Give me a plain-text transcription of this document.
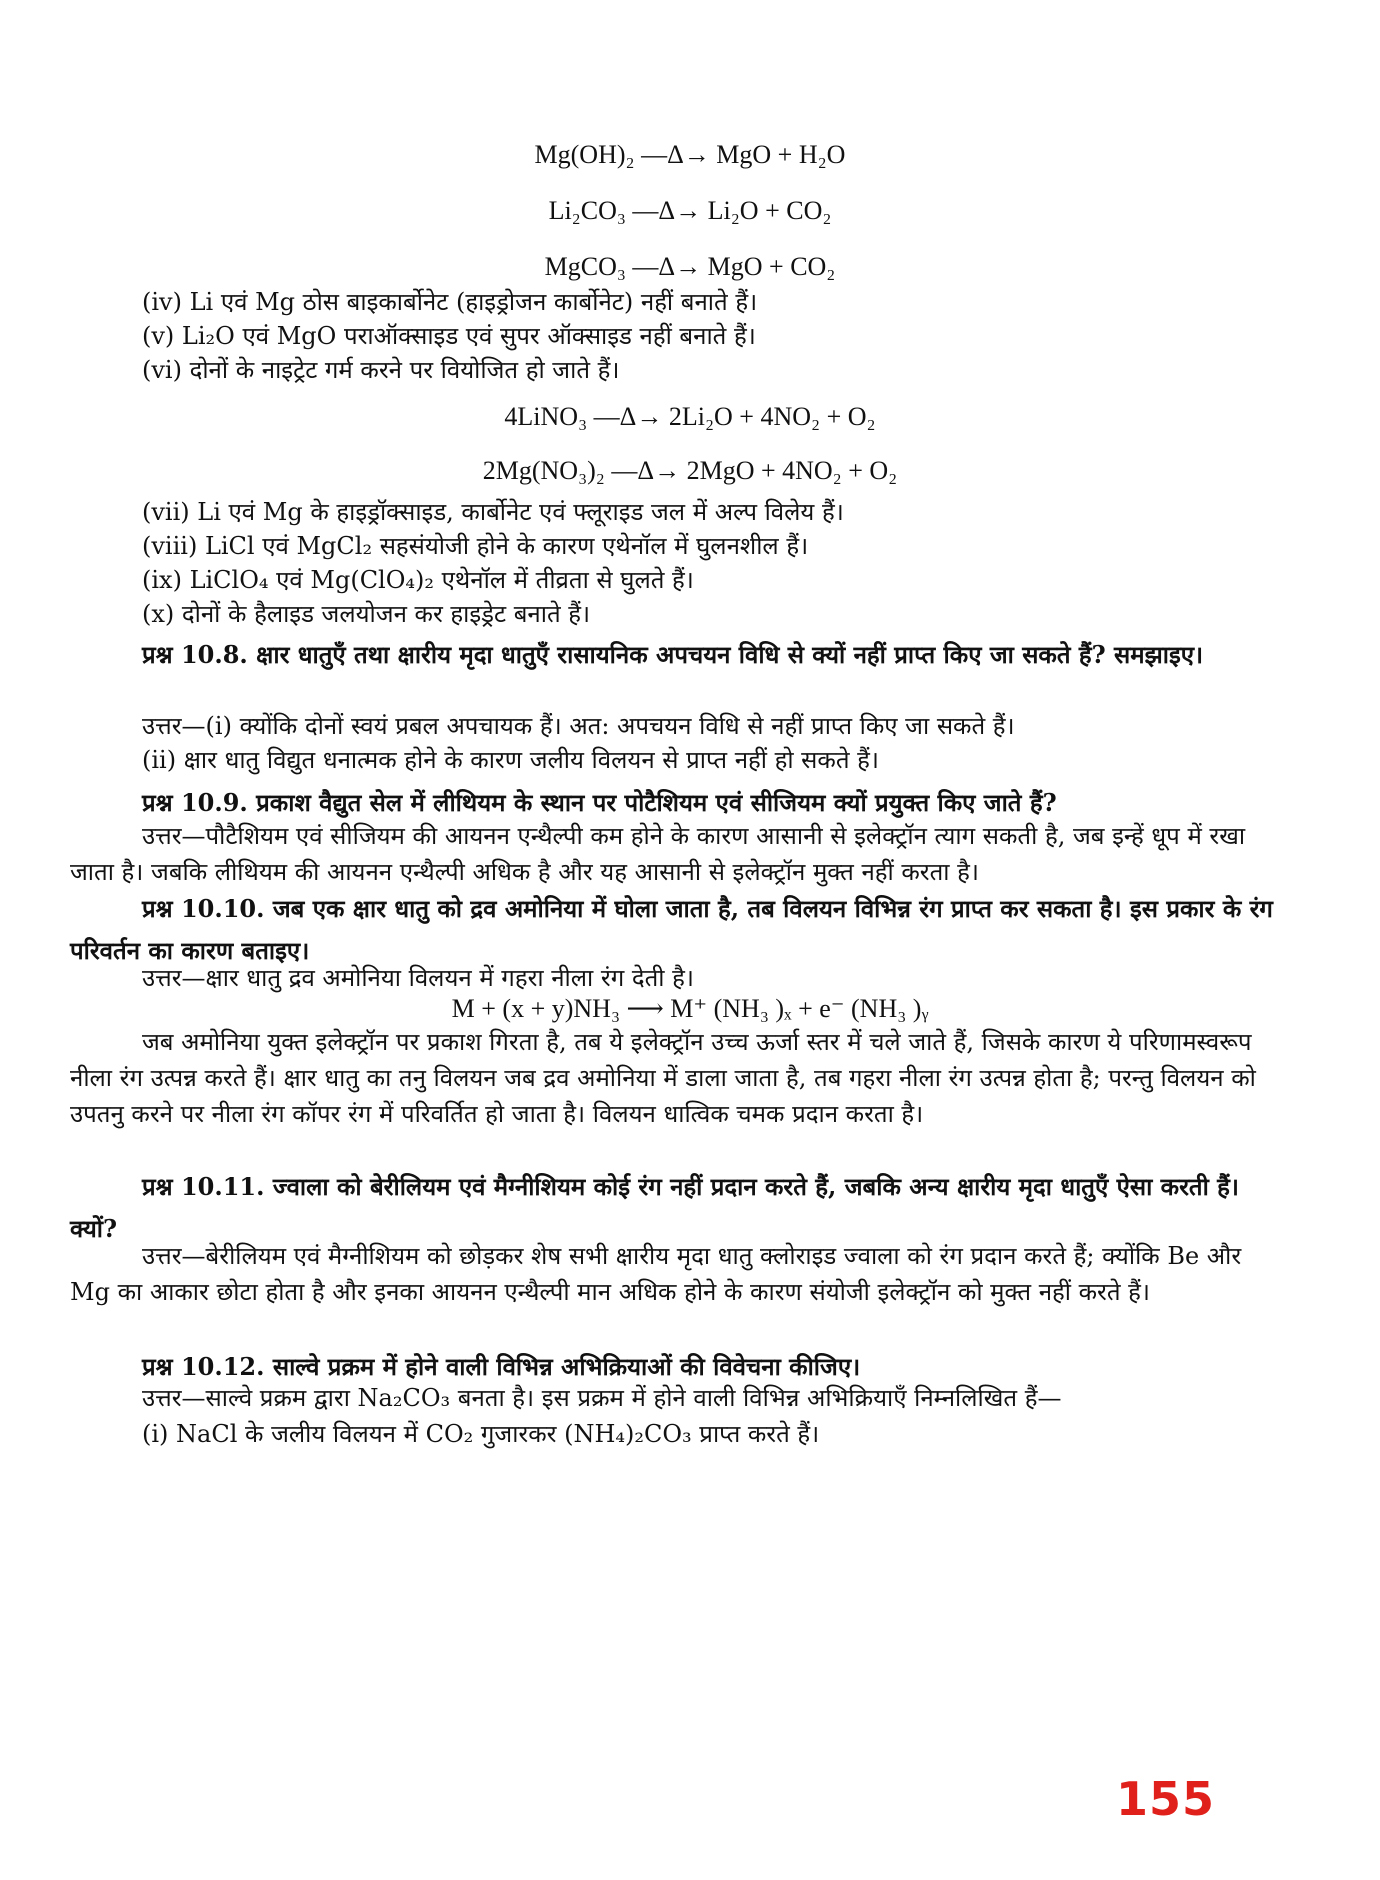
Mg(OH)₂ —Δ→ MgO + H₂O
Li₂CO₃ —Δ→ Li₂O + CO₂
MgCO₃ —Δ→ MgO + CO₂
(iv) Li एवं Mg ठोस बाइकार्बोनेट (हाइड्रोजन कार्बोनेट) नहीं बनाते हैं।
(v) Li₂O एवं MgO पराऑक्साइड एवं सुपर ऑक्साइड नहीं बनाते हैं।
(vi) दोनों के नाइट्रेट गर्म करने पर वियोजित हो जाते हैं।
4LiNO₃ —Δ→ 2Li₂O + 4NO₂ + O₂
2Mg(NO₃)₂ —Δ→ 2MgO + 4NO₂ + O₂
(vii) Li एवं Mg के हाइड्रॉक्साइड, कार्बोनेट एवं फ्लूराइड जल में अल्प विलेय हैं।
(viii) LiCl एवं MgCl₂ सहसंयोजी होने के कारण एथेनॉल में घुलनशील हैं।
(ix) LiClO₄ एवं Mg(ClO₄)₂ एथेनॉल में तीव्रता से घुलते हैं।
(x) दोनों के हैलाइड जलयोजन कर हाइड्रेट बनाते हैं।
प्रश्न 10.8. क्षार धातुएँ तथा क्षारीय मृदा धातुएँ रासायनिक अपचयन विधि से क्यों नहीं प्राप्त किए जा सकते हैं? समझाइए।
उत्तर—(i) क्योंकि दोनों स्वयं प्रबल अपचायक हैं। अत: अपचयन विधि से नहीं प्राप्त किए जा सकते हैं।
(ii) क्षार धातु विद्युत धनात्मक होने के कारण जलीय विलयन से प्राप्त नहीं हो सकते हैं।
प्रश्न 10.9. प्रकाश वैद्युत सेल में लीथियम के स्थान पर पोटैशियम एवं सीजियम क्यों प्रयुक्त किए जाते हैं?
उत्तर—पौटैशियम एवं सीजियम की आयनन एन्थैल्पी कम होने के कारण आसानी से इलेक्ट्रॉन त्याग सकती है, जब इन्हें धूप में रखा जाता है। जबकि लीथियम की आयनन एन्थैल्पी अधिक है और यह आसानी से इलेक्ट्रॉन मुक्त नहीं करता है।
प्रश्न 10.10. जब एक क्षार धातु को द्रव अमोनिया में घोला जाता है, तब विलयन विभिन्न रंग प्राप्त कर सकता है। इस प्रकार के रंग परिवर्तन का कारण बताइए।
उत्तर—क्षार धातु द्रव अमोनिया विलयन में गहरा नीला रंग देती है।
M + (x + y)NH₃ ⟶ M⁺ (NH₃ )ₓ + e⁻ (NH₃ )ᵧ
जब अमोनिया युक्त इलेक्ट्रॉन पर प्रकाश गिरता है, तब ये इलेक्ट्रॉन उच्च ऊर्जा स्तर में चले जाते हैं, जिसके कारण ये परिणामस्वरूप नीला रंग उत्पन्न करते हैं। क्षार धातु का तनु विलयन जब द्रव अमोनिया में डाला जाता है, तब गहरा नीला रंग उत्पन्न होता है; परन्तु विलयन को उपतनु करने पर नीला रंग कॉपर रंग में परिवर्तित हो जाता है। विलयन धात्विक चमक प्रदान करता है।
प्रश्न 10.11. ज्वाला को बेरीलियम एवं मैग्नीशियम कोई रंग नहीं प्रदान करते हैं, जबकि अन्य क्षारीय मृदा धातुएँ ऐसा करती हैं। क्यों?
उत्तर—बेरीलियम एवं मैग्नीशियम को छोड़कर शेष सभी क्षारीय मृदा धातु क्लोराइड ज्वाला को रंग प्रदान करते हैं; क्योंकि Be और Mg का आकार छोटा होता है और इनका आयनन एन्थैल्पी मान अधिक होने के कारण संयोजी इलेक्ट्रॉन को मुक्त नहीं करते हैं।
प्रश्न 10.12. साल्वे प्रक्रम में होने वाली विभिन्न अभिक्रियाओं की विवेचना कीजिए।
उत्तर—साल्वे प्रक्रम द्वारा Na₂CO₃ बनता है। इस प्रक्रम में होने वाली विभिन्न अभिक्रियाएँ निम्नलिखित हैं—
(i) NaCl के जलीय विलयन में CO₂ गुजारकर (NH₄)₂CO₃ प्राप्त करते हैं।
155
